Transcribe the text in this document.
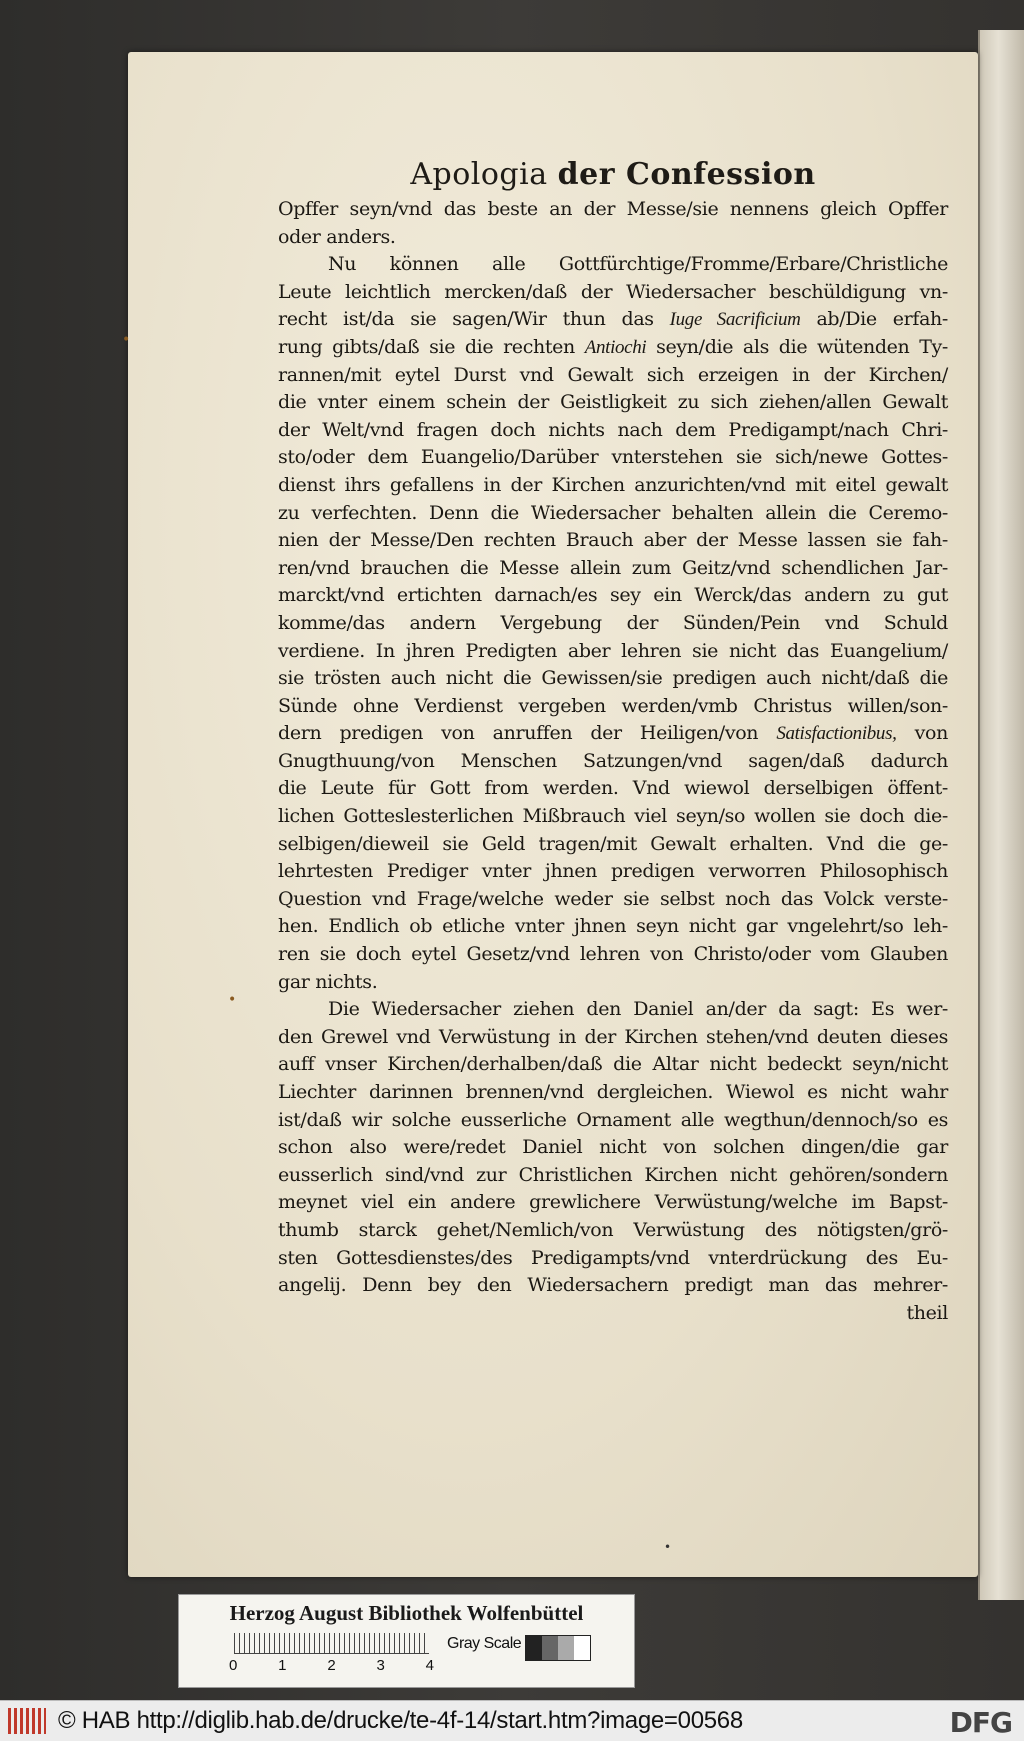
Apologia der Confession
Opffer seyn/vnd das beste an der Messe/sie nennens gleich Opffer
oder anders.
Nu können alle Gottfürchtige/Fromme/Erbare/Christliche
Leute leichtlich mercken/daß der Wiedersacher beschüldigung vn-
recht ist/da sie sagen/Wir thun das Iuge Sacrificium ab/Die erfah-
rung gibts/daß sie die rechten Antiochi seyn/die als die wütenden Ty-
rannen/mit eytel Durst vnd Gewalt sich erzeigen in der Kirchen/
die vnter einem schein der Geistligkeit zu sich ziehen/allen Gewalt
der Welt/vnd fragen doch nichts nach dem Predigampt/nach Chri-
sto/oder dem Euangelio/Darüber vnterstehen sie sich/newe Gottes-
dienst ihrs gefallens in der Kirchen anzurichten/vnd mit eitel gewalt
zu verfechten. Denn die Wiedersacher behalten allein die Ceremo-
nien der Messe/Den rechten Brauch aber der Messe lassen sie fah-
ren/vnd brauchen die Messe allein zum Geitz/vnd schendlichen Jar-
marckt/vnd ertichten darnach/es sey ein Werck/das andern zu gut
komme/das andern Vergebung der Sünden/Pein vnd Schuld
verdiene. In jhren Predigten aber lehren sie nicht das Euangelium/
sie trösten auch nicht die Gewissen/sie predigen auch nicht/daß die
Sünde ohne Verdienst vergeben werden/vmb Christus willen/son-
dern predigen von anruffen der Heiligen/von Satisfactionibus, von
Gnugthuung/von Menschen Satzungen/vnd sagen/daß dadurch
die Leute für Gott from werden. Vnd wiewol derselbigen öffent-
lichen Gotteslesterlichen Mißbrauch viel seyn/so wollen sie doch die-
selbigen/dieweil sie Geld tragen/mit Gewalt erhalten. Vnd die ge-
lehrtesten Prediger vnter jhnen predigen verworren Philosophisch
Question vnd Frage/welche weder sie selbst noch das Volck verste-
hen. Endlich ob etliche vnter jhnen seyn nicht gar vngelehrt/so leh-
ren sie doch eytel Gesetz/vnd lehren von Christo/oder vom Glauben
gar nichts.
Die Wiedersacher ziehen den Daniel an/der da sagt: Es wer-
den Grewel vnd Verwüstung in der Kirchen stehen/vnd deuten dieses
auff vnser Kirchen/derhalben/daß die Altar nicht bedeckt seyn/nicht
Liechter darinnen brennen/vnd dergleichen. Wiewol es nicht wahr
ist/daß wir solche eusserliche Ornament alle wegthun/dennoch/so es
schon also were/redet Daniel nicht von solchen dingen/die gar
eusserlich sind/vnd zur Christlichen Kirchen nicht gehören/sondern
meynet viel ein andere grewlichere Verwüstung/welche im Bapst-
thumb starck gehet/Nemlich/von Verwüstung des nötigsten/grö-
sten Gottesdienstes/des Predigampts/vnd vnterdrückung des Eu-
angelij. Denn bey den Wiedersachern predigt man das mehrer-
theil
•
•
•
Herzog August Bibliothek Wolfenbüttel
0	1	2	3	4
Gray Scale
© HAB http://diglib.hab.de/drucke/te-4f-14/start.htm?image=00568	DFG
